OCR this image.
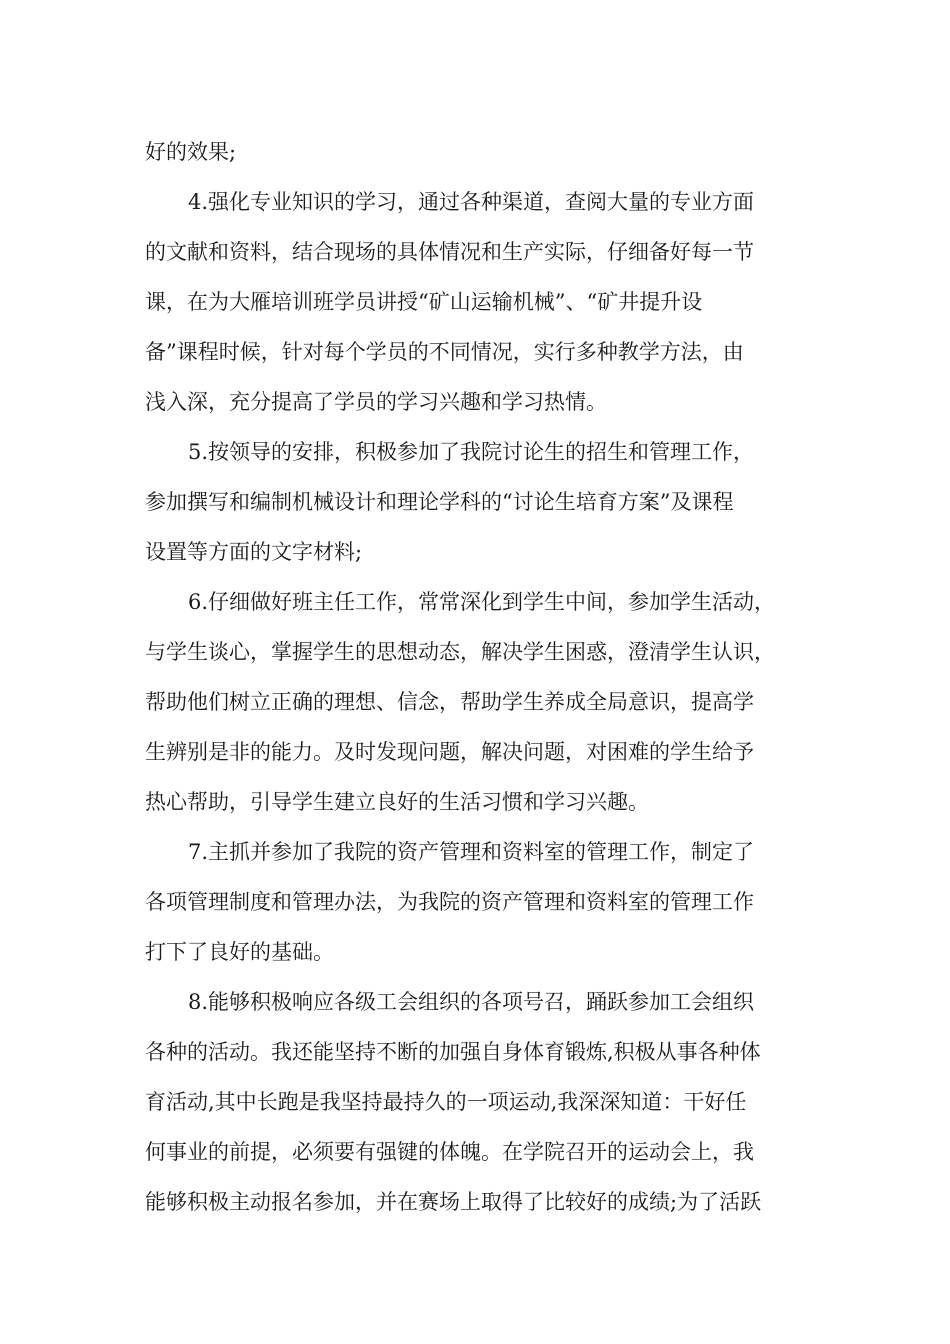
好的效果;
4.强化专业知识的学习，通过各种渠道，查阅大量的专业方面
的文献和资料，结合现场的具体情况和生产实际，仔细备好每一节
课，在为大雁培训班学员讲授“矿山运输机械”、“矿井提升设
备”课程时候，针对每个学员的不同情况，实行多种教学方法，由
浅入深，充分提高了学员的学习兴趣和学习热情。
5.按领导的安排，积极参加了我院讨论生的招生和管理工作，
参加撰写和编制机械设计和理论学科的“讨论生培育方案”及课程
设置等方面的文字材料;
6.仔细做好班主任工作，常常深化到学生中间，参加学生活动，
与学生谈心，掌握学生的思想动态，解决学生困惑，澄清学生认识，
帮助他们树立正确的理想、信念，帮助学生养成全局意识，提高学
生辨别是非的能力。及时发现问题，解决问题，对困难的学生给予
热心帮助，引导学生建立良好的生活习惯和学习兴趣。
7.主抓并参加了我院的资产管理和资料室的管理工作，制定了
各项管理制度和管理办法，为我院的资产管理和资料室的管理工作
打下了良好的基础。
8.能够积极响应各级工会组织的各项号召，踊跃参加工会组织
各种的活动。我还能坚持不断的加强自身体育锻炼,积极从事各种体
育活动,其中长跑是我坚持最持久的一项运动,我深深知道：干好任
何事业的前提，必须要有强键的体魄。在学院召开的运动会上，我
能够积极主动报名参加，并在赛场上取得了比较好的成绩;为了活跃
